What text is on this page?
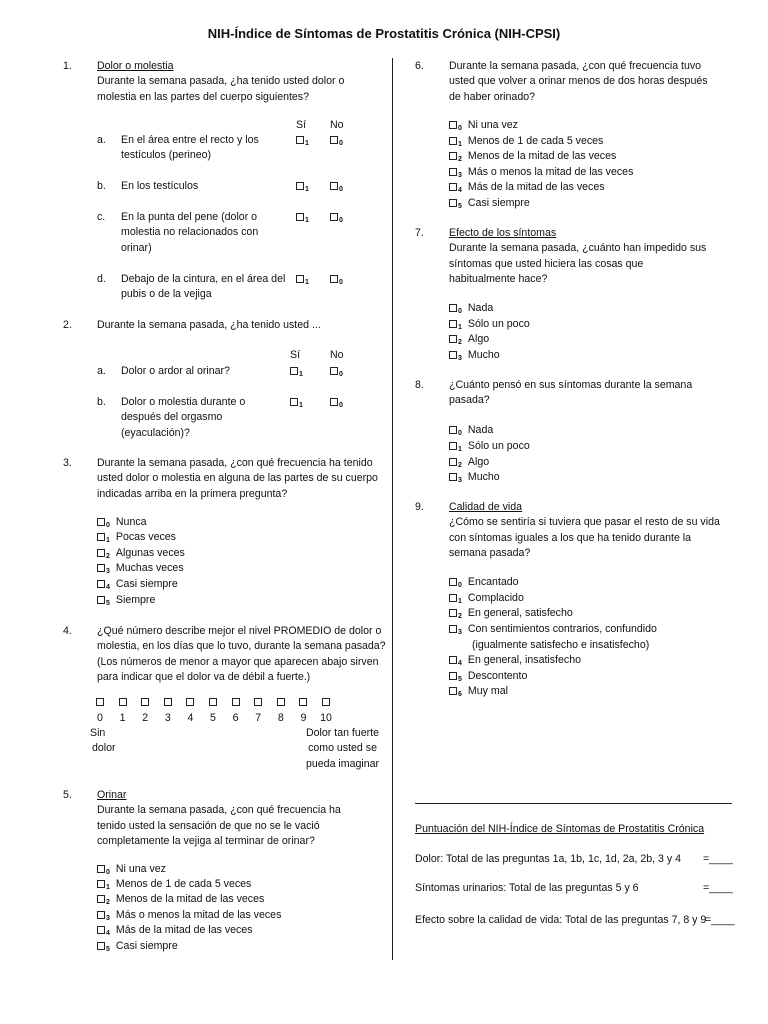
NIH-Índice de Síntomas de Prostatitis Crónica (NIH-CPSI)
1. Dolor o molestia
Durante la semana pasada, ¿ha tenido usted dolor o
molestia en las partes del cuerpo siguientes?
Sí No
a. En el área entre el recto y los
testículos (perineo)
$_1$	$_0$
b. En los testículos	$_1$	$_0$
c. En la punta del pene (dolor o
molestia no relacionados con
orinar)
$_1$	$_0$
d. Debajo de la cintura, en el área del
pubis o de la vejiga
$_1$	$_0$
2. Durante la semana pasada, ¿ha tenido usted ...
Sí	No
a. Dolor o ardor al orinar?	$_1$	$_0$
b. Dolor o molestia durante o
después del orgasmo
(eyaculación)?
$_1$	$_0$
3. Durante la semana pasada, ¿con qué frecuencia ha tenido
usted dolor o molestia en alguna de las partes de su cuerpo
indicadas arriba en la primera pregunta?
$_0$ Nunca
$_1$ Pocas veces
$_2$ Algunas veces
$_3$ Muchas veces
$_4$ Casi siempre
$_5$ Siempre
4. ¿Qué número describe mejor el nivel PROMEDIO de dolor o
molestia, en los días que lo tuvo, durante la semana pasada?
(Los números de menor a mayor que aparecen abajo sirven
para indicar que el dolor va de débil a fuerte.)
0	1	2	3	4	5	6	7	8	9	10
Sin
dolor
Dolor tan fuerte
como usted se
pueda imaginar
5. Orinar
Durante la semana pasada, ¿con qué frecuencia ha
tenido usted la sensación de que no se le vació
completamente la vejiga al terminar de orinar?
$_0$ Ni una vez
$_1$ Menos de 1 de cada 5 veces
$_2$ Menos de la mitad de las veces
$_3$ Más o menos la mitad de las veces
$_4$ Más de la mitad de las veces
$_5$ Casi siempre
6. Durante la semana pasada, ¿con qué frecuencia tuvo
usted que volver a orinar menos de dos horas después
de haber orinado?
$_0$ Ni una vez
$_1$ Menos de 1 de cada 5 veces
$_2$ Menos de la mitad de las veces
$_3$ Más o menos la mitad de las veces
$_4$ Más de la mitad de las veces
$_5$ Casi siempre
7. Efecto de los síntomas
Durante la semana pasada, ¿cuánto han impedido sus
síntomas que usted hiciera las cosas que
habitualmente hace?
$_0$ Nada
$_1$ Sólo un poco
$_2$ Algo
$_3$ Mucho
8. ¿Cuánto pensó en sus síntomas durante la semana
pasada?
$_0$ Nada
$_1$ Sólo un poco
$_2$ Algo
$_3$ Mucho
9. Calidad de vida
¿Cómo se sentiría si tuviera que pasar el resto de su vida
con síntomas iguales a los que ha tenido durante la
semana pasada?
$_0$ Encantado
$_1$ Complacido
$_2$ En general, satisfecho
$_3$ Con sentimientos contrarios, confundido
(igualmente satisfecho e insatisfecho)
$_4$ En general, insatisfecho
$_5$ Descontento
$_6$ Muy mal
Puntuación del NIH-Índice de Síntomas de Prostatitis Crónica
Dolor: Total de las preguntas 1a, 1b, 1c, 1d, 2a, 2b, 3 y 4 =____
Síntomas urinarios: Total de las preguntas 5 y 6	=____
Efecto sobre la calidad de vida: Total de las preguntas 7, 8 y 9
=____
